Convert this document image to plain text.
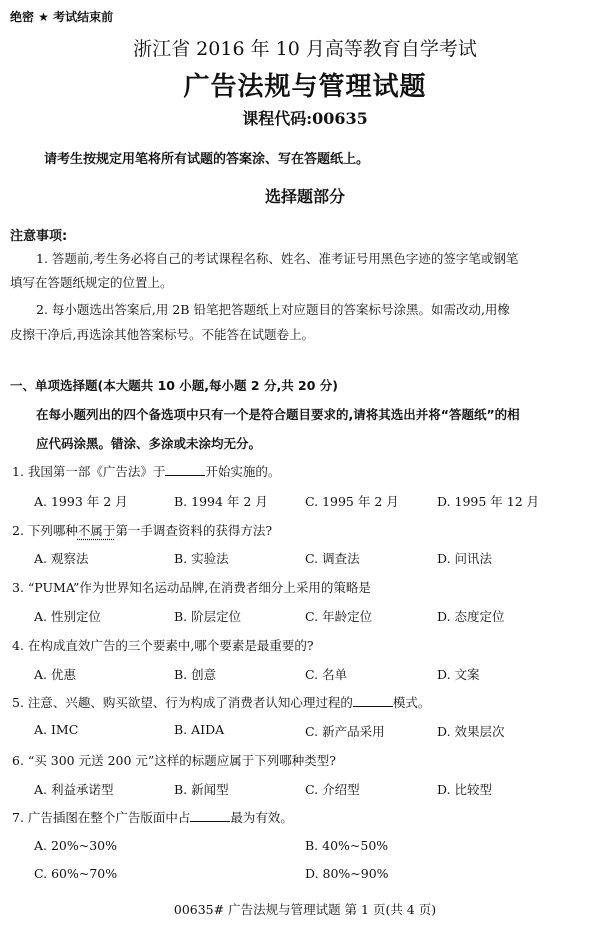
绝密 ★ 考试结束前
浙江省 2016 年 10 月高等教育自学考试
广告法规与管理试题
课程代码:00635
请考生按规定用笔将所有试题的答案涂、写在答题纸上。
选择题部分
注意事项:
1. 答题前,考生务必将自己的考试课程名称、姓名、准考证号用黑色字迹的签字笔或钢笔
填写在答题纸规定的位置上。
2. 每小题选出答案后,用 2B 铅笔把答题纸上对应题目的答案标号涂黑。如需改动,用橡
皮擦干净后,再选涂其他答案标号。不能答在试题卷上。
一、单项选择题(本大题共 10 小题,每小题 2 分,共 20 分)
在每小题列出的四个备选项中只有一个是符合题目要求的,请将其选出并将“答题纸”的相
应代码涂黑。错涂、多涂或未涂均无分。
1. 我国第一部《广告法》于	开始实施的。
A. 1993 年 2 月	B. 1994 年 2 月	C. 1995 年 2 月	D. 1995 年 12 月
2. 下列哪种不属于第一手调查资料的获得方法?
A. 观察法	B. 实验法	C. 调查法	D. 问讯法
3. “PUMA”作为世界知名运动品牌,在消费者细分上采用的策略是
A. 性别定位	B. 阶层定位	C. 年龄定位	D. 态度定位
4. 在构成直效广告的三个要素中,哪个要素是最重要的?
A. 优惠	B. 创意	C. 名单	D. 文案
5. 注意、兴趣、购买欲望、行为构成了消费者认知心理过程的	模式。
A. IMC	B. AIDA	C. 新产品采用	D. 效果层次
6. “买 300 元送 200 元”这样的标题应属于下列哪种类型?
A. 利益承诺型	B. 新闻型	C. 介绍型	D. 比较型
7. 广告插图在整个广告版面中占	最为有效。
A. 20%~30%	B. 40%~50%
C. 60%~70%	D. 80%~90%
00635# 广告法规与管理试题 第 1 页(共 4 页)
